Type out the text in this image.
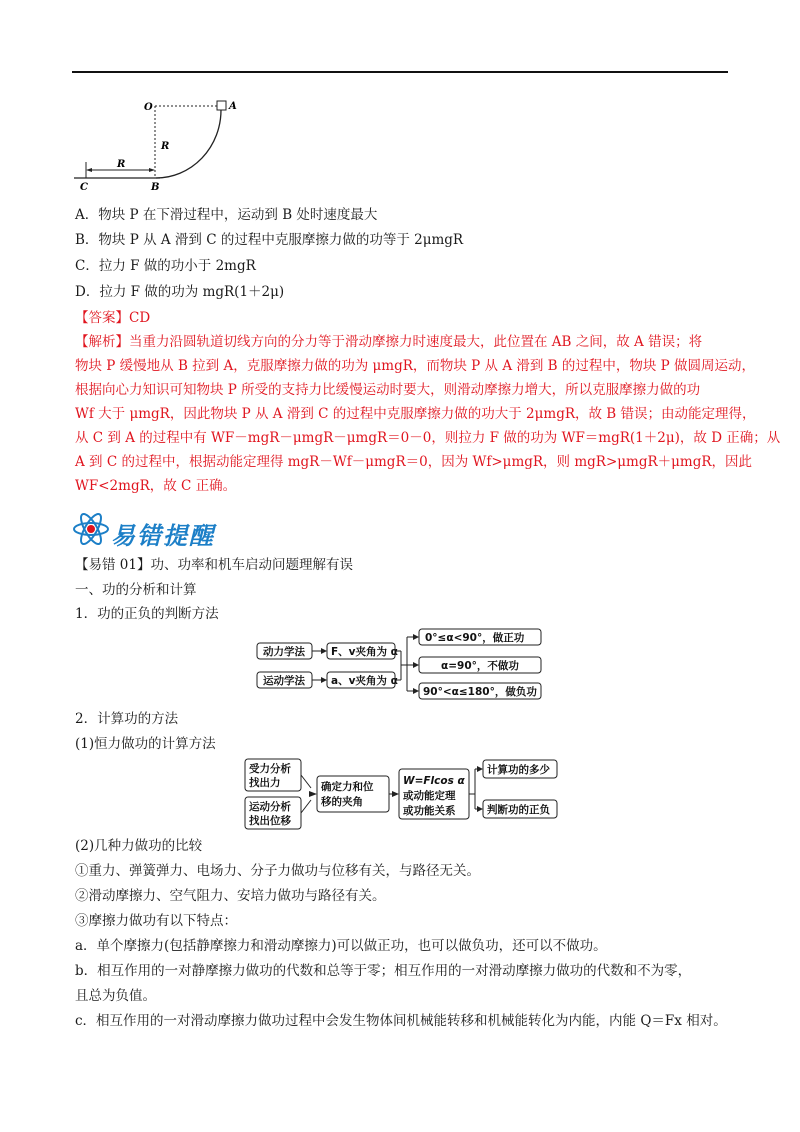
O	A
R
R
C	B
A．物块 P 在下滑过程中，运动到 B 处时速度最大
B．物块 P 从 A 滑到 C 的过程中克服摩擦力做的功等于 2μmgR
C．拉力 F 做的功小于 2mgR
D．拉力 F 做的功为 mgR(1＋2μ)
【答案】CD
【解析】当重力沿圆轨道切线方向的分力等于滑动摩擦力时速度最大，此位置在 AB 之间，故 A 错误；将
物块 P 缓慢地从 B 拉到 A，克服摩擦力做的功为 μmgR，而物块 P 从 A 滑到 B 的过程中，物块 P 做圆周运动，
根据向心力知识可知物块 P 所受的支持力比缓慢运动时要大，则滑动摩擦力增大，所以克服摩擦力做的功
Wf 大于 μmgR，因此物块 P 从 A 滑到 C 的过程中克服摩擦力做的功大于 2μmgR，故 B 错误；由动能定理得，
从 C 到 A 的过程中有 WF－mgR－μmgR－μmgR＝0－0，则拉力 F 做的功为 WF＝mgR(1＋2μ)，故 D 正确；从
A 到 C 的过程中，根据动能定理得 mgR－Wf－μmgR＝0，因为 Wf>μmgR，则 mgR>μmgR＋μmgR，因此
WF<2mgR，故 C 正确。
易错提醒
【易错 01】功、功率和机车启动问题理解有误
一、功的分析和计算
1．功的正负的判断方法
动力学法
运动学法
F、v夹角为 α
a、v夹角为 α
0°≤α<90°，做正功
α=90°，不做功
90°<α≤180°，做负功
2．计算功的方法
(1)恒力做功的计算方法
受力分析
找出力
运动分析
找出位移
确定力和位
移的夹角
W=Flcos α
或动能定理
或功能关系
计算功的多少
判断功的正负
(2)几种力做功的比较
①重力、弹簧弹力、电场力、分子力做功与位移有关，与路径无关。
②滑动摩擦力、空气阻力、安培力做功与路径有关。
③摩擦力做功有以下特点：
a．单个摩擦力(包括静摩擦力和滑动摩擦力)可以做正功，也可以做负功，还可以不做功。
b．相互作用的一对静摩擦力做功的代数和总等于零；相互作用的一对滑动摩擦力做功的代数和不为零，
且总为负值。
c．相互作用的一对滑动摩擦力做功过程中会发生物体间机械能转移和机械能转化为内能，内能 Q＝Fx 相对。
